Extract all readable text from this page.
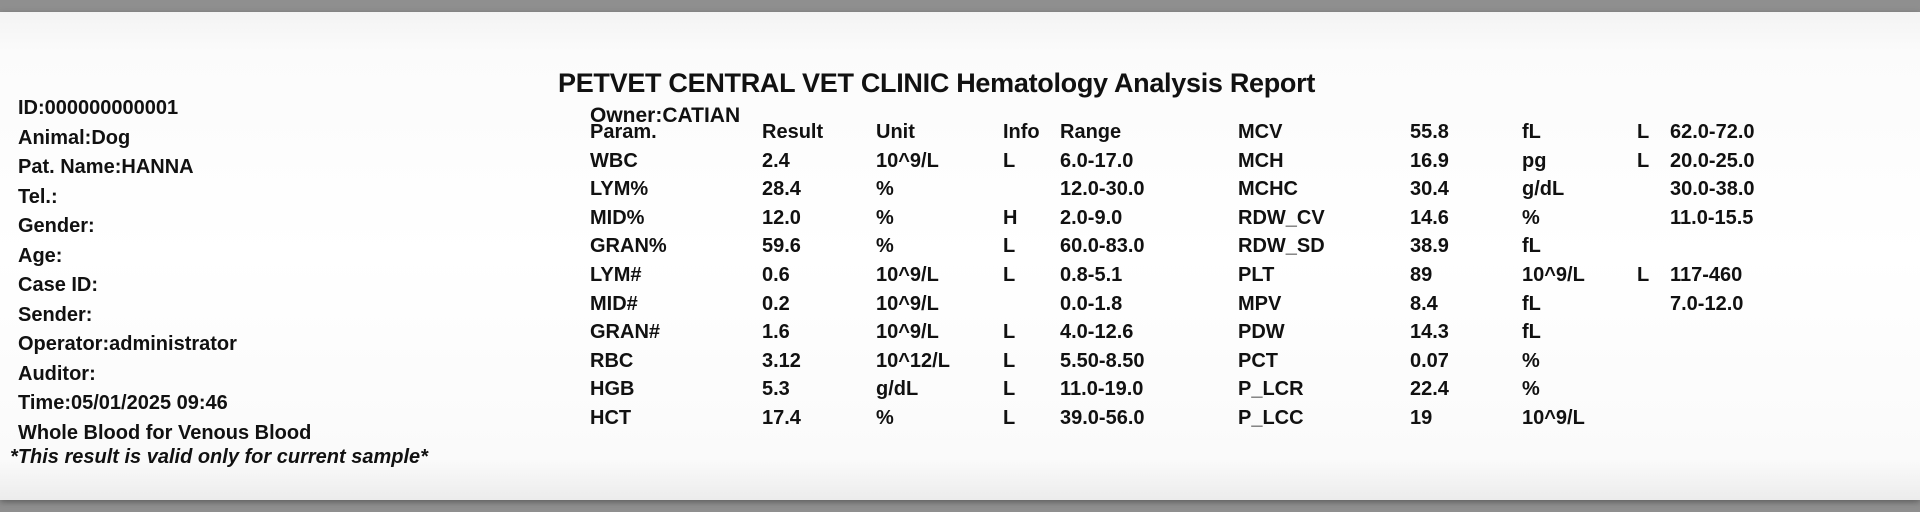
PETVET CENTRAL VET CLINIC Hematology Analysis Report
Owner:CATIAN
ID:000000000001
Animal:Dog
Pat. Name:HANNA
Tel.:
Gender:
Age:
Case ID:
Sender:
Operator:administrator
Auditor:
Time:05/01/2025 09:46
Whole Blood for Venous Blood
*This result is valid only for current sample*
Param.
WBC
LYM%
MID%
GRAN%
LYM#
MID#
GRAN#
RBC
HGB
HCT
Result
2.4
28.4
12.0
59.6
0.6
0.2
1.6
3.12
5.3
17.4
Unit
10^9/L
%
%
%
10^9/L
10^9/L
10^9/L
10^12/L
g/dL
%
Info
L

H
L
L

L
L
L
L
Range
6.0-17.0
12.0-30.0
2.0-9.0
60.0-83.0
0.8-5.1
0.0-1.8
4.0-12.6
5.50-8.50
11.0-19.0
39.0-56.0
MCV
MCH
MCHC
RDW_CV
RDW_SD
PLT
MPV
PDW
PCT
P_LCR
P_LCC
55.8
16.9
30.4
14.6
38.9
89
8.4
14.3
0.07
22.4
19
fL
pg
g/dL
%
fL
10^9/L
fL
fL
%
%
10^9/L
L
L

L

62.0-72.0
20.0-25.0
30.0-38.0
11.0-15.5

117-460
7.0-12.0
